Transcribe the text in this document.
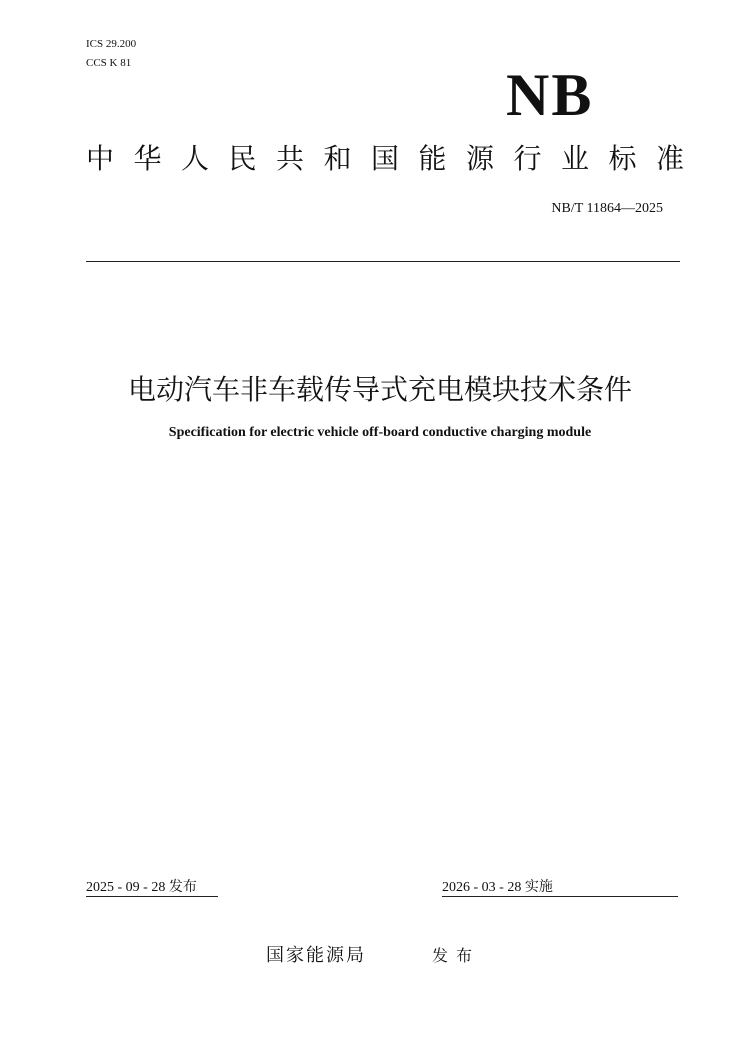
ICS 29.200
CCS K 81	NB
中华人民共和国能源行业标准
NB/T 11864—2025
电动汽车非车载传导式充电模块技术条件
Specification for electric vehicle off-board conductive charging module
2025 - 09 - 28 发布	2026 - 03 - 28 实施
国家能源局	发布
